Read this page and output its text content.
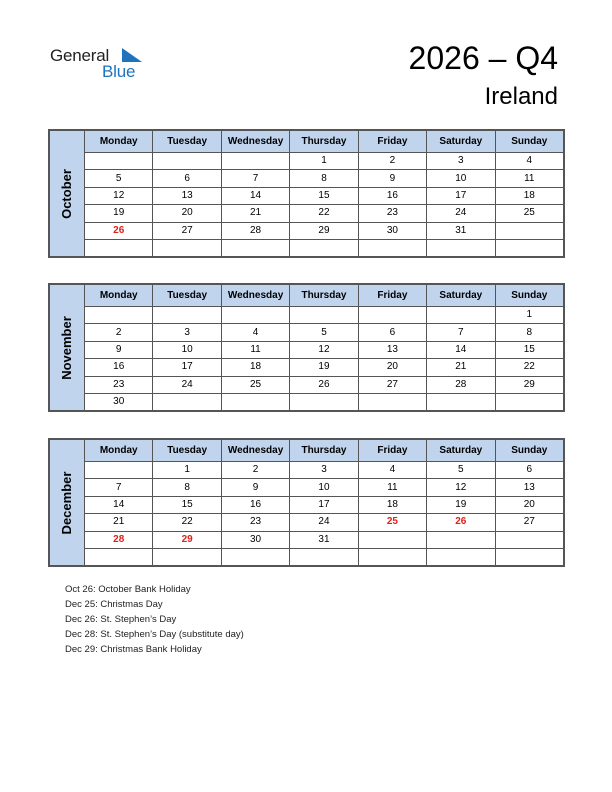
General
Blue	2026 – Q4
Ireland
October	Monday	Tuesday	Wednesday	Thursday	Friday	Saturday	Sunday
				1	2	3	4
	5	6	7	8	9	10	11
	12	13	14	15	16	17	18
	19	20	21	22	23	24	25
	26	27	28	29	30	31	

November	Monday	Tuesday	Wednesday	Thursday	Friday	Saturday	Sunday
							1
	2	3	4	5	6	7	8
	9	10	11	12	13	14	15
	16	17	18	19	20	21	22
	23	24	25	26	27	28	29
	30						
December	Monday	Tuesday	Wednesday	Thursday	Friday	Saturday	Sunday
		1	2	3	4	5	6
	7	8	9	10	11	12	13
	14	15	16	17	18	19	20
	21	22	23	24	25	26	27
	28	29	30	31			

Oct 26: October Bank Holiday
Dec 25: Christmas Day
Dec 26: St. Stephen’s Day
Dec 28: St. Stephen’s Day (substitute day)
Dec 29: Christmas Bank Holiday
